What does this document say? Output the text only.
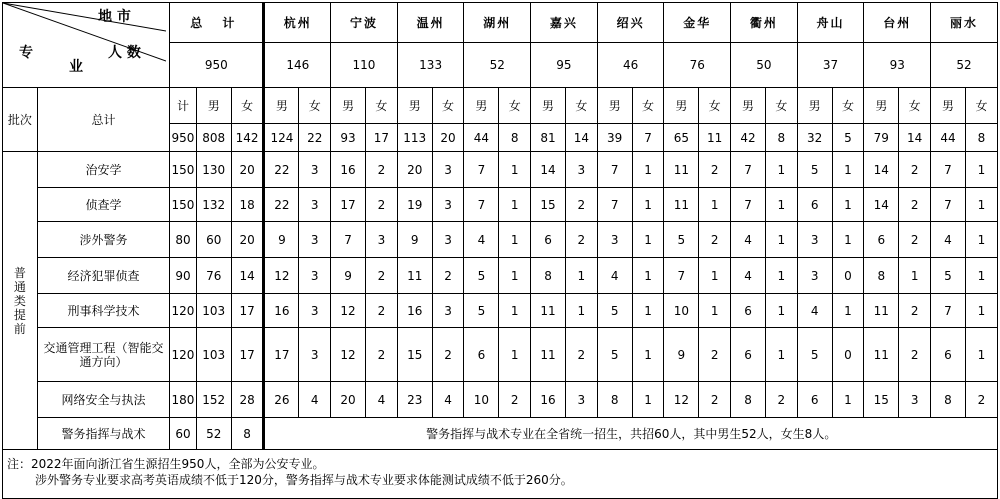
地 市
人 数
专
业		总 计			杭州		宁波		温州		湖州		嘉兴		绍兴		金华		衢州		舟山		台州		丽水	
		950			146		110		133		52		95		46		76		50		37		93		52	
批次	总计	计	男	女	男	女	男	女	男	女	男	女	男	女	男	女	男	女	男	女	男	女	男	女	男	女
		950	808	142	124	22	93	17	113	20	44	8	81	14	39	7	65	11	42	8	32	5	79	14	44	8

普
通
类
提
前	治安学	150	130	20	22	3	16	2	20	3	7	1	14	3	7	1	11	2	7	1	5	1	14	2	7	1
	侦查学	150	132	18	22	3	17	2	19	3	7	1	15	2	7	1	11	1	7	1	6	1	14	2	7	1
	涉外警务	80	60	20	9	3	7	3	9	3	4	1	6	2	3	1	5	2	4	1	3	1	6	2	4	1
	经济犯罪侦查	90	76	14	12	3	9	2	11	2	5	1	8	1	4	1	7	1	4	1	3	0	8	1	5	1
	刑事科学技术	120	103	17	16	3	12	2	16	3	5	1	11	1	5	1	10	1	6	1	4	1	11	2	7	1
	交通管理工程（智能交通方向）	120	103	17	17	3	12	2	15	2	6	1	11	2	5	1	9	2	6	1	5	0	11	2	6	1
	网络安全与执法	180	152	28	26	4	20	4	23	4	10	2	16	3	8	1	12	2	8	2	6	1	15	3	8	2
	警务指挥与战术	60	52	8	警务指挥与战术专业在全省统一招生，共招60人，其中男生52人，女生8人。																					
注：2022年面向浙江省生源招生950人，全部为公安专业。
涉外警务专业要求高考英语成绩不低于120分，警务指挥与战术专业要求体能测试成绩不低于260分。
